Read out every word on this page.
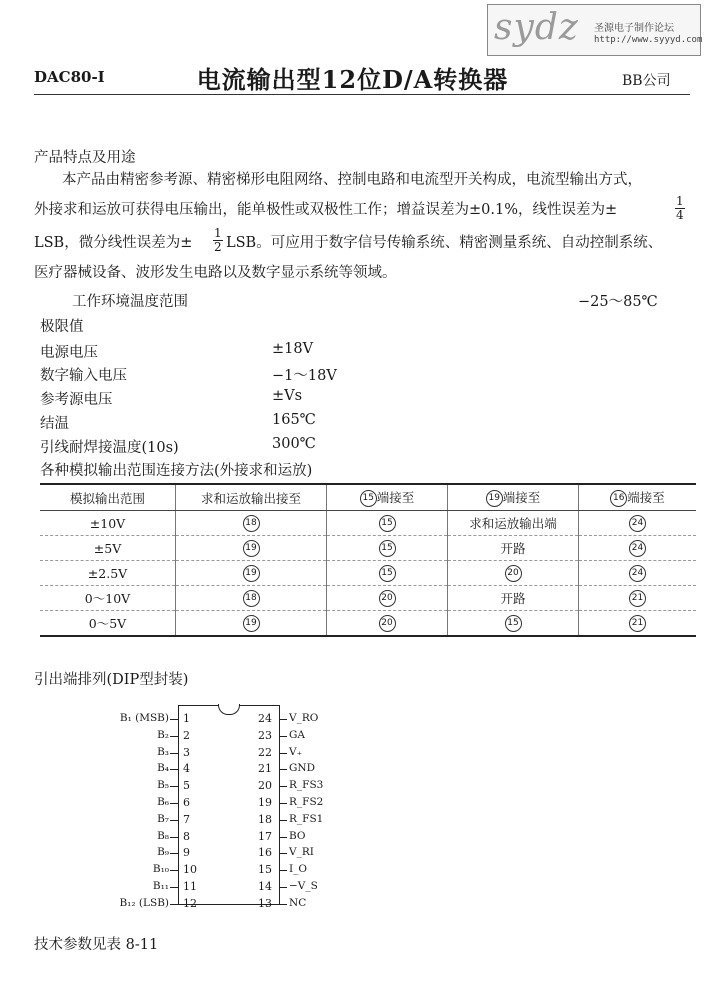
sydz 圣源电子制作论坛
http://www.syyyd.com
DAC80-I	电流输出型12位D/A转换器	BB公司
产品特点及用途
本产品由精密参考源、精密梯形电阻网络、控制电路和电流型开关构成，电流型输出方式，
外接求和运放可获得电压输出，能单极性或双极性工作；增益误差为±0.1%，线性误差为±	$\frac{1}{4}$
LSB，微分线性误差为± $\frac{1}{2}$ LSB。可应用于数字信号传输系统、精密测量系统、自动控制系统、
医疗器械设备、波形发生电路以及数字显示系统等领域。
工作环境温度范围	−25～85℃
极限值
电源电压	±18V
数字输入电压	−1～18V
参考源电压	±Vs
结温	165℃
引线耐焊接温度(10s)	300℃
各种模拟输出范围连接方法(外接求和运放)
模拟输出范围	求和运放输出接至	15 端接至	19 端接至	16 端接至
±10V	18	15	求和运放输出端	24
±5V	19	15	开路	24
±2.5V	19	15	20	24
0～10V	18	20	开路	21
0～5V	19	20	15	21
引出端排列(DIP型封装)
1
B₁ (MSB)
2
B₂
3
B₃
4
B₄
5
B₅
6
B₆
7
B₇
8
B₈
9
B₉
10
B₁₀
11
B₁₁
12
B₁₂ (LSB)
24 V_RO
23 GA
22 V₊
21 GND
20 R_FS3
19 R_FS2
18 R_FS1
17 BO
16 V_RI
15 I_O
14 −V_S
13 NC
技术参数见表 8-11
